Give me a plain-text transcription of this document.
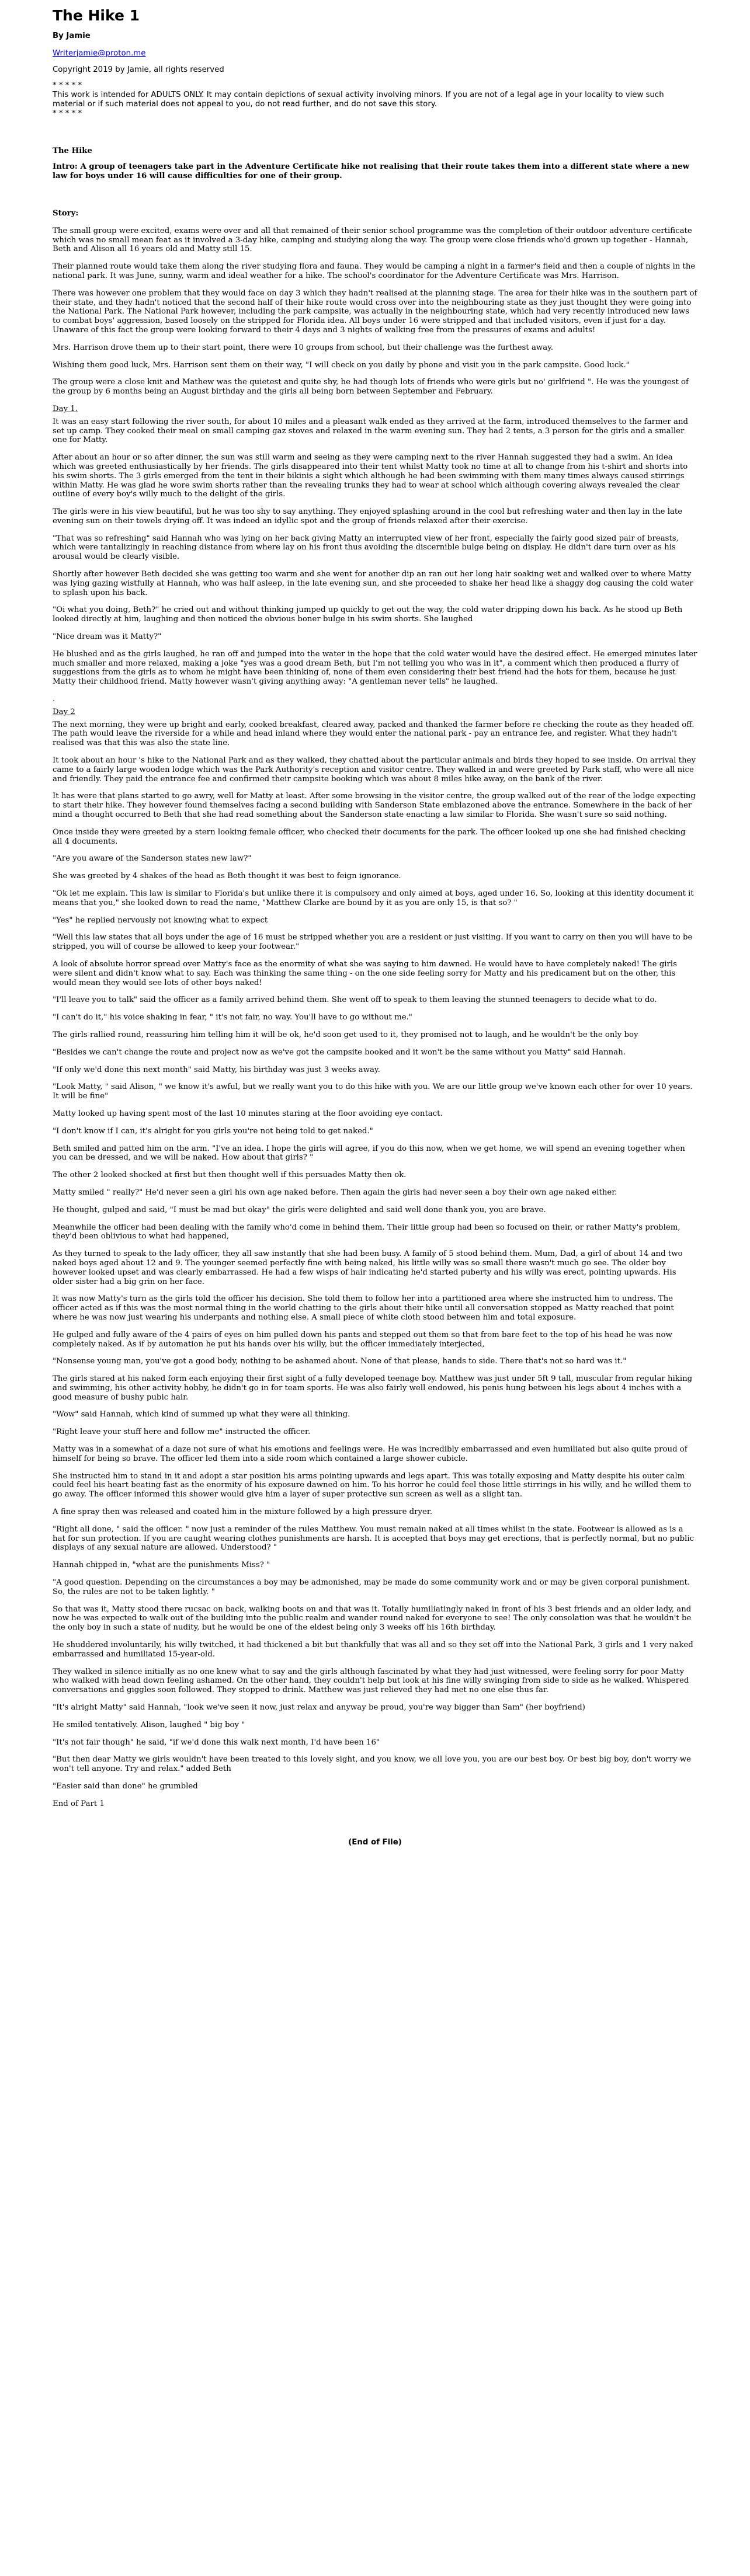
The Hike 1
By Jamie
Writerjamie@proton.me
Copyright 2019 by Jamie, all rights reserved
* * * * *
This work is intended for ADULTS ONLY. It may contain depictions of sexual activity involving minors. If you are not of a legal age in your locality to view such material or if such material does not appeal to you, do not read further, and do not save this story.
* * * * *
The Hike
Intro: A group of teenagers take part in the Adventure Certificate hike not realising that their route takes them into a different state where a new law for boys under 16 will cause difficulties for one of their group.
Story:

The small group were excited, exams were over and all that remained of their senior school programme was the completion of their outdoor adventure certificate which was no small mean feat as it involved a 3-day hike, camping and studying along the way. The group were close friends who'd grown up together - Hannah, Beth and Alison all 16 years old and Matty still 15.

Their planned route would take them along the river studying flora and fauna. They would be camping a night in a farmer's field and then a couple of nights in the national park. It was June, sunny, warm and ideal weather for a hike. The school's coordinator for the Adventure Certificate was Mrs. Harrison.

There was however one problem that they would face on day 3 which they hadn't realised at the planning stage. The area for their hike was in the southern part of their state, and they hadn't noticed that the second half of their hike route would cross over into the neighbouring state as they just thought they were going into the National Park. The National Park however, including the park campsite, was actually in the neighbouring state, which had very recently introduced new laws to combat boys' aggression, based loosely on the stripped for Florida idea. All boys under 16 were stripped and that included visitors, even if just for a day. Unaware of this fact the group were looking forward to their 4 days and 3 nights of walking free from the pressures of exams and adults!

Mrs. Harrison drove them up to their start point, there were 10 groups from school, but their challenge was the furthest away.

Wishing them good luck, Mrs. Harrison sent them on their way, "I will check on you daily by phone and visit you in the park campsite. Good luck."

The group were a close knit and Mathew was the quietest and quite shy, he had though lots of friends who were girls but no' girlfriend ". He was the youngest of the group by 6 months being an August birthday and the girls all being born between September and February.

Day 1.

It was an easy start following the river south, for about 10 miles and a pleasant walk ended as they arrived at the farm, introduced themselves to the farmer and set up camp. They cooked their meal on small camping gaz stoves and relaxed in the warm evening sun. They had 2 tents, a 3 person for the girls and a smaller one for Matty.

After about an hour or so after dinner, the sun was still warm and seeing as they were camping next to the river Hannah suggested they had a swim. An idea which was greeted enthusiastically by her friends. The girls disappeared into their tent whilst Matty took no time at all to change from his t-shirt and shorts into his swim shorts. The 3 girls emerged from the tent in their bikinis a sight which although he had been swimming with them many times always caused stirrings within Matty. He was glad he wore swim shorts rather than the revealing trunks they had to wear at school which although covering always revealed the clear outline of every boy's willy much to the delight of the girls.

The girls were in his view beautiful, but he was too shy to say anything. They enjoyed splashing around in the cool but refreshing water and then lay in the late evening sun on their towels drying off. It was indeed an idyllic spot and the group of friends relaxed after their exercise.

"That was so refreshing" said Hannah who was lying on her back giving Matty an interrupted view of her front, especially the fairly good sized pair of breasts, which were tantalizingly in reaching distance from where lay on his front thus avoiding the discernible bulge being on display. He didn't dare turn over as his arousal would be clearly visible.

Shortly after however Beth decided she was getting too warm and she went for another dip an ran out her long hair soaking wet and walked over to where Matty was lying gazing wistfully at Hannah, who was half asleep, in the late evening sun, and she proceeded to shake her head like a shaggy dog causing the cold water to splash upon his back.

"Oi what you doing, Beth?" he cried out and without thinking jumped up quickly to get out the way, the cold water dripping down his back. As he stood up Beth looked directly at him, laughing and then noticed the obvious boner bulge in his swim shorts. She laughed

"Nice dream was it Matty?"

He blushed and as the girls laughed, he ran off and jumped into the water in the hope that the cold water would have the desired effect. He emerged minutes later much smaller and more relaxed, making a joke "yes was a good dream Beth, but I'm not telling you who was in it", a comment which then produced a flurry of suggestions from the girls as to whom he might have been thinking of, none of them even considering their best friend had the hots for them, because he just Matty their childhood friend. Matty however wasn't giving anything away: "A gentleman never tells" he laughed.

.
Day 2

The next morning, they were up bright and early, cooked breakfast, cleared away, packed and thanked the farmer before re checking the route as they headed off. The path would leave the riverside for a while and head inland where they would enter the national park - pay an entrance fee, and register. What they hadn't realised was that this was also the state line.

It took about an hour 's hike to the National Park and as they walked, they chatted about the particular animals and birds they hoped to see inside. On arrival they came to a fairly large wooden lodge which was the Park Authority's reception and visitor centre. They walked in and were greeted by Park staff, who were all nice and friendly. They paid the entrance fee and confirmed their campsite booking which was about 8 miles hike away, on the bank of the river.

It has were that plans started to go awry, well for Matty at least. After some browsing in the visitor centre, the group walked out of the rear of the lodge expecting to start their hike. They however found themselves facing a second building with Sanderson State emblazoned above the entrance. Somewhere in the back of her mind a thought occurred to Beth that she had read something about the Sanderson state enacting a law similar to Florida. She wasn't sure so said nothing.

Once inside they were greeted by a stern looking female officer, who checked their documents for the park. The officer looked up one she had finished checking all 4 documents.

"Are you aware of the Sanderson states new law?"

She was greeted by 4 shakes of the head as Beth thought it was best to feign ignorance.

"Ok let me explain. This law is similar to Florida's but unlike there it is compulsory and only aimed at boys, aged under 16. So, looking at this identity document it means that you," she looked down to read the name, "Matthew Clarke are bound by it as you are only 15, is that so? "

"Yes" he replied nervously not knowing what to expect

"Well this law states that all boys under the age of 16 must be stripped whether you are a resident or just visiting. If you want to carry on then you will have to be stripped, you will of course be allowed to keep your footwear."

A look of absolute horror spread over Matty's face as the enormity of what she was saying to him dawned. He would have to have completely naked! The girls were silent and didn't know what to say. Each was thinking the same thing - on the one side feeling sorry for Matty and his predicament but on the other, this would mean they would see lots of other boys naked!

"I'll leave you to talk" said the officer as a family arrived behind them. She went off to speak to them leaving the stunned teenagers to decide what to do.

"I can't do it," his voice shaking in fear, " it's not fair, no way. You'll have to go without me."

The girls rallied round, reassuring him telling him it will be ok, he'd soon get used to it, they promised not to laugh, and he wouldn't be the only boy

"Besides we can't change the route and project now as we've got the campsite booked and it won't be the same without you Matty" said Hannah.

"If only we'd done this next month" said Matty, his birthday was just 3 weeks away.

"Look Matty, " said Alison, " we know it's awful, but we really want you to do this hike with you. We are our little group we've known each other for over 10 years. It will be fine"

Matty looked up having spent most of the last 10 minutes staring at the floor avoiding eye contact.

"I don't know if I can, it's alright for you girls you're not being told to get naked."

Beth smiled and patted him on the arm. "I've an idea. I hope the girls will agree, if you do this now, when we get home, we will spend an evening together when you can be dressed, and we will be naked. How about that girls? "

The other 2 looked shocked at first but then thought well if this persuades Matty then ok.

Matty smiled " really?" He'd never seen a girl his own age naked before. Then again the girls had never seen a boy their own age naked either.

He thought, gulped and said, "I must be mad but okay" the girls were delighted and said well done thank you, you are brave.

Meanwhile the officer had been dealing with the family who'd come in behind them. Their little group had been so focused on their, or rather Matty's problem, they'd been oblivious to what had happened,

As they turned to speak to the lady officer, they all saw instantly that she had been busy. A family of 5 stood behind them. Mum, Dad, a girl of about 14 and two naked boys aged about 12 and 9. The younger seemed perfectly fine with being naked, his little willy was so small there wasn't much go see. The older boy however looked upset and was clearly embarrassed. He had a few wisps of hair indicating he'd started puberty and his willy was erect, pointing upwards. His older sister had a big grin on her face.

It was now Matty's turn as the girls told the officer his decision. She told them to follow her into a partitioned area where she instructed him to undress. The officer acted as if this was the most normal thing in the world chatting to the girls about their hike until all conversation stopped as Matty reached that point where he was now just wearing his underpants and nothing else. A small piece of white cloth stood between him and total exposure.

He gulped and fully aware of the 4 pairs of eyes on him pulled down his pants and stepped out them so that from bare feet to the top of his head he was now completely naked. As if by automation he put his hands over his willy, but the officer immediately interjected,

"Nonsense young man, you've got a good body, nothing to be ashamed about. None of that please, hands to side. There that's not so hard was it."

The girls stared at his naked form each enjoying their first sight of a fully developed teenage boy. Matthew was just under 5ft 9 tall, muscular from regular hiking and swimming, his other activity hobby, he didn't go in for team sports. He was also fairly well endowed, his penis hung between his legs about 4 inches with a good measure of bushy pubic hair.

"Wow" said Hannah, which kind of summed up what they were all thinking.

"Right leave your stuff here and follow me" instructed the officer.

Matty was in a somewhat of a daze not sure of what his emotions and feelings were. He was incredibly embarrassed and even humiliated but also quite proud of himself for being so brave. The officer led them into a side room which contained a large shower cubicle.

She instructed him to stand in it and adopt a star position his arms pointing upwards and legs apart. This was totally exposing and Matty despite his outer calm could feel his heart beating fast as the enormity of his exposure dawned on him. To his horror he could feel those little stirrings in his willy, and he willed them to go away. The officer informed this shower would give him a layer of super protective sun screen as well as a slight tan.

A fine spray then was released and coated him in the mixture followed by a high pressure dryer.

"Right all done, " said the officer. " now just a reminder of the rules Matthew. You must remain naked at all times whilst in the state. Footwear is allowed as is a hat for sun protection. If you are caught wearing clothes punishments are harsh. It is accepted that boys may get erections, that is perfectly normal, but no public displays of any sexual nature are allowed. Understood? "

Hannah chipped in, "what are the punishments Miss? "

"A good question. Depending on the circumstances a boy may be admonished, may be made do some community work and or may be given corporal punishment. So, the rules are not to be taken lightly. "

So that was it, Matty stood there rucsac on back, walking boots on and that was it. Totally humiliatingly naked in front of his 3 best friends and an older lady, and now he was expected to walk out of the building into the public realm and wander round naked for everyone to see! The only consolation was that he wouldn't be the only boy in such a state of nudity, but he would be one of the eldest being only 3 weeks off his 16th birthday.

He shuddered involuntarily, his willy twitched, it had thickened a bit but thankfully that was all and so they set off into the National Park, 3 girls and 1 very naked embarrassed and humiliated 15-year-old.

They walked in silence initially as no one knew what to say and the girls although fascinated by what they had just witnessed, were feeling sorry for poor Matty who walked with head down feeling ashamed. On the other hand, they couldn't help but look at his fine willy swinging from side to side as he walked. Whispered conversations and giggles soon followed. They stopped to drink. Matthew was just relieved they had met no one else thus far.

"It's alright Matty" said Hannah, "look we've seen it now, just relax and anyway be proud, you're way bigger than Sam" (her boyfriend)

He smiled tentatively. Alison, laughed " big boy "

"It's not fair though" he said, "if we'd done this walk next month, I'd have been 16"

"But then dear Matty we girls wouldn't have been treated to this lovely sight, and you know, we all love you, you are our best boy. Or best big boy, don't worry we won't tell anyone. Try and relax." added Beth

"Easier said than done" he grumbled

End of Part 1
(End of File)
